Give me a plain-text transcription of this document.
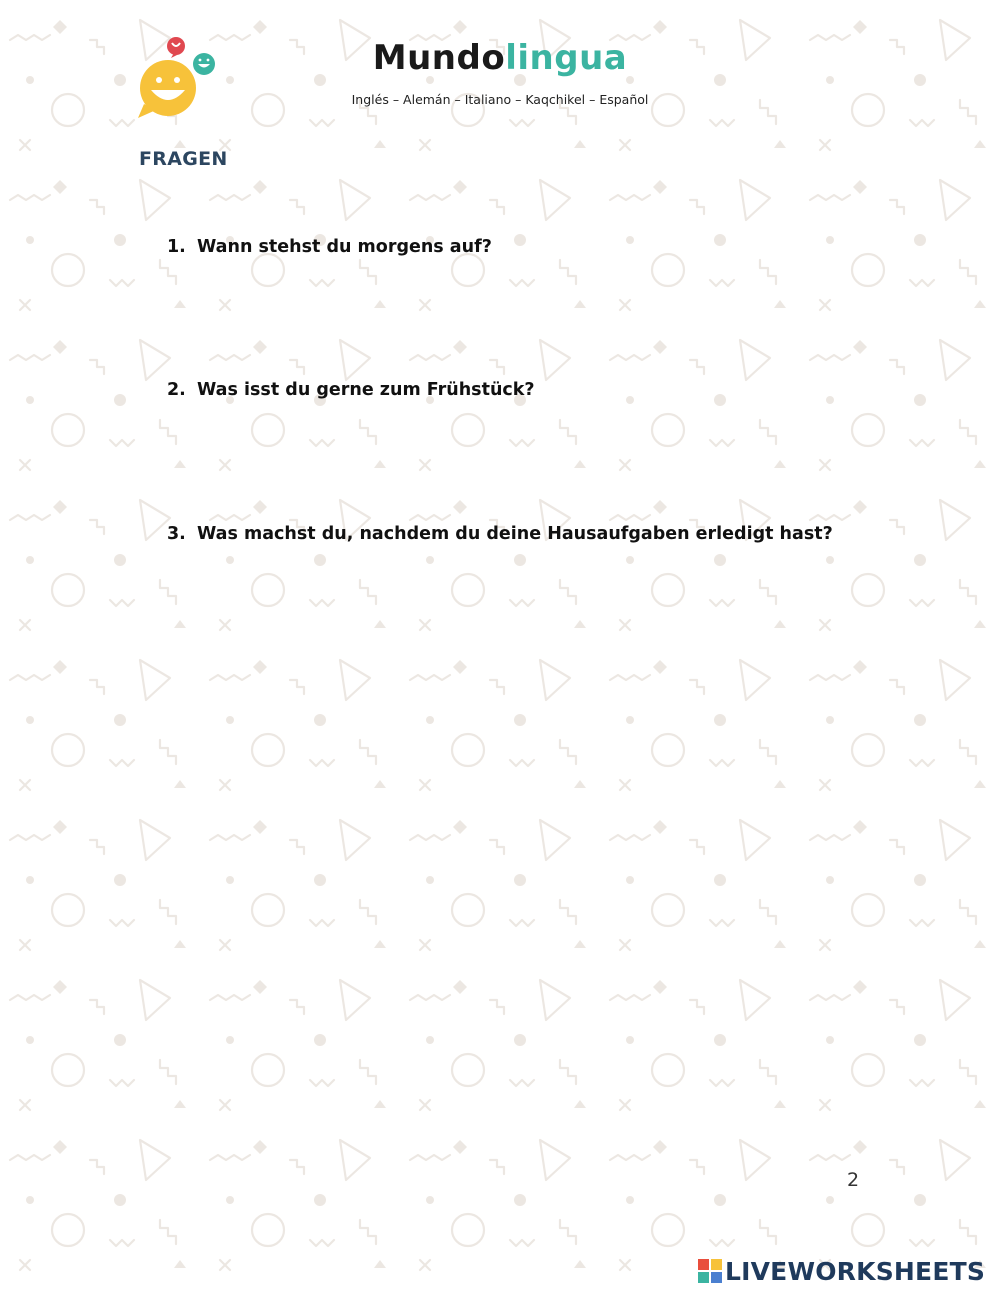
Mundolingua
Inglés – Alemán – Italiano – Kaqchikel – Español
FRAGEN
1. Wann stehst du morgens auf?
2. Was isst du gerne zum Frühstück?
3. Was machst du, nachdem du deine Hausaufgaben erledigt hast?
2
LIVEWORKSHEETS
